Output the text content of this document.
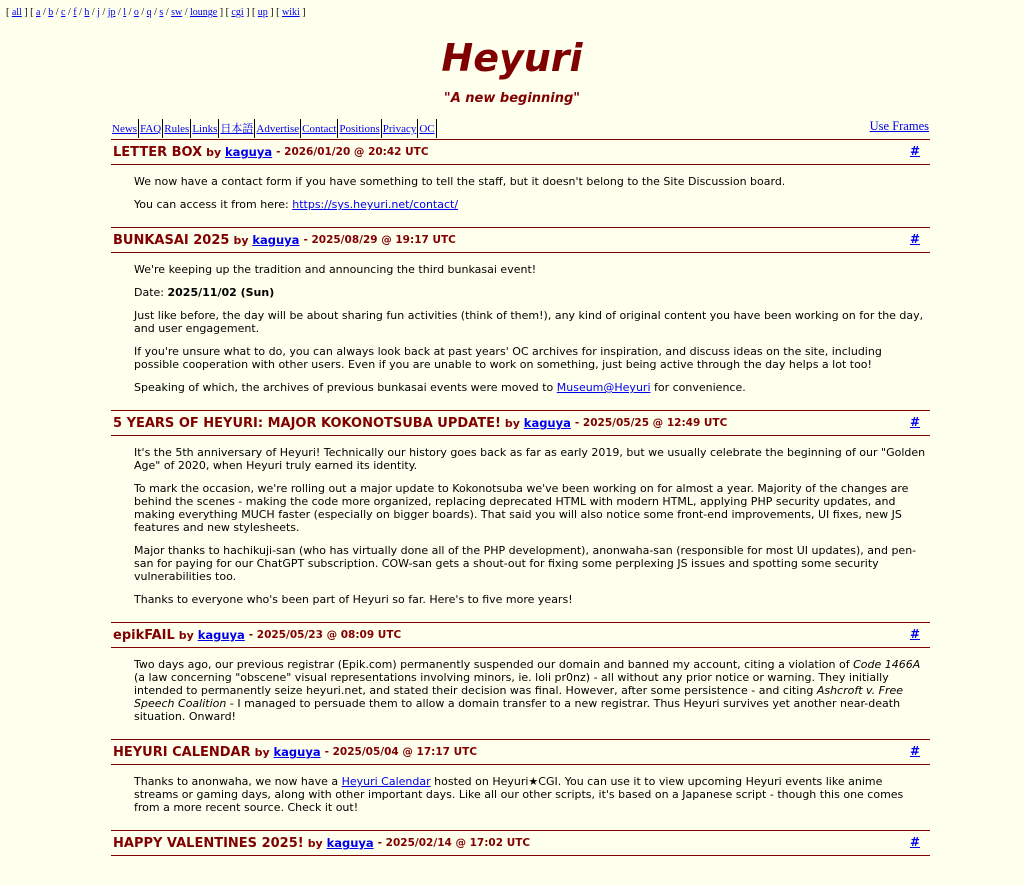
[ all ] [ a / b / c / f / h / j / jp / l / o / q / s / sw / lounge ] [ cgi ] [ up ] [ wiki ]
Heyuri

"A new beginning"

News FAQ Rules Links 日本語 Advertise Contact Positions Privacy OC	Use Frames
LETTER BOX by kaguya - 2026/01/20 @ 20:42 UTC	#

We now have a contact form if you have something to tell the staff, but it doesn't belong to the Site Discussion board.

You can access it from here: https://sys.heyuri.net/contact/

BUNKASAI 2025 by kaguya - 2025/08/29 @ 19:17 UTC	#

We're keeping up the tradition and announcing the third bunkasai event!

Date: 2025/11/02 (Sun)

Just like before, the day will be about sharing fun activities (think of them!), any kind of original content you have been working on for the day, and user engagement.

If you're unsure what to do, you can always look back at past years' OC archives for inspiration, and discuss ideas on the site, including possible cooperation with other users. Even if you are unable to work on something, just being active through the day helps a lot too!

Speaking of which, the archives of previous bunkasai events were moved to Museum@Heyuri for convenience.

5 YEARS OF HEYURI: MAJOR KOKONOTSUBA UPDATE! by kaguya - 2025/05/25 @ 12:49 UTC	#

It's the 5th anniversary of Heyuri! Technically our history goes back as far as early 2019, but we usually celebrate the beginning of our "Golden Age" of 2020, when Heyuri truly earned its identity.

To mark the occasion, we're rolling out a major update to Kokonotsuba we've been working on for almost a year. Majority of the changes are behind the scenes - making the code more organized, replacing deprecated HTML with modern HTML, applying PHP security updates, and making everything MUCH faster (especially on bigger boards). That said you will also notice some front-end improvements, UI fixes, new JS features and new stylesheets.

Major thanks to hachikuji-san (who has virtually done all of the PHP development), anonwaha-san (responsible for most UI updates), and pen-san for paying for our ChatGPT subscription. COW-san gets a shout-out for fixing some perplexing JS issues and spotting some security vulnerabilities too.

Thanks to everyone who's been part of Heyuri so far. Here's to five more years!

epikFAIL by kaguya - 2025/05/23 @ 08:09 UTC	#

Two days ago, our previous registrar (Epik.com) permanently suspended our domain and banned my account, citing a violation of Code 1466A (a law concerning "obscene" visual representations involving minors, ie. loli pr0nz) - all without any prior notice or warning. They initially intended to permanently seize heyuri.net, and stated their decision was final. However, after some persistence - and citing Ashcroft v. Free Speech Coalition - I managed to persuade them to allow a domain transfer to a new registrar. Thus Heyuri survives yet another near-death situation. Onward!

HEYURI CALENDAR by kaguya - 2025/05/04 @ 17:17 UTC	#

Thanks to anonwaha, we now have a Heyuri Calendar hosted on Heyuri★CGI. You can use it to view upcoming Heyuri events like anime streams or gaming days, along with other important days. Like all our other scripts, it's based on a Japanese script - though this one comes from a more recent source. Check it out!

HAPPY VALENTINES 2025! by kaguya - 2025/02/14 @ 17:02 UTC	#
